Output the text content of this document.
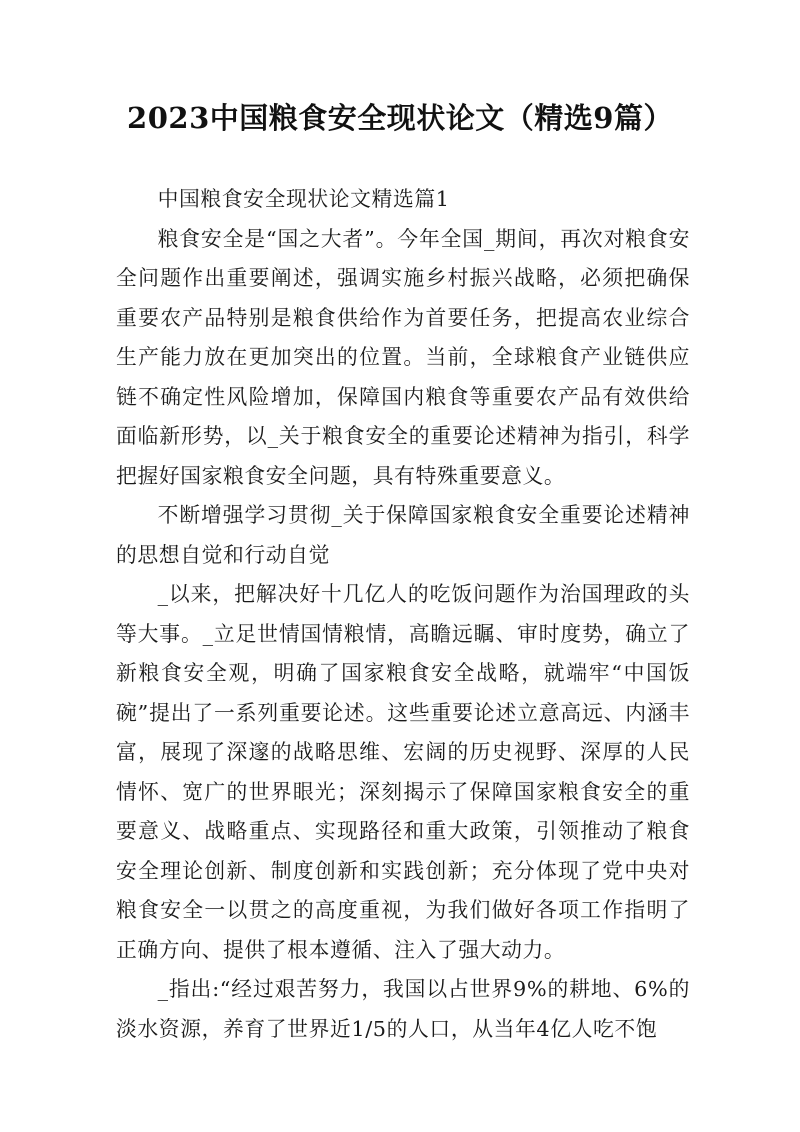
2023中国粮食安全现状论文（精选9篇）

中国粮食安全现状论文精选篇1

粮食安全是“国之大者”。今年全国_期间，再次对粮食安全问题作出重要阐述，强调实施乡村振兴战略，必须把确保重要农产品特别是粮食供给作为首要任务，把提高农业综合生产能力放在更加突出的位置。当前，全球粮食产业链供应链不确定性风险增加，保障国内粮食等重要农产品有效供给面临新形势，以_关于粮食安全的重要论述精神为指引，科学把握好国家粮食安全问题，具有特殊重要意义。

不断增强学习贯彻_关于保障国家粮食安全重要论述精神的思想自觉和行动自觉

_以来，把解决好十几亿人的吃饭问题作为治国理政的头等大事。_立足世情国情粮情，高瞻远瞩、审时度势，确立了新粮食安全观，明确了国家粮食安全战略，就端牢“中国饭碗”提出了一系列重要论述。这些重要论述立意高远、内涵丰富，展现了深邃的战略思维、宏阔的历史视野、深厚的人民情怀、宽广的世界眼光；深刻揭示了保障国家粮食安全的重要意义、战略重点、实现路径和重大政策，引领推动了粮食安全理论创新、制度创新和实践创新；充分体现了党中央对粮食安全一以贯之的高度重视，为我们做好各项工作指明了正确方向、提供了根本遵循、注入了强大动力。

_指出:“经过艰苦努力，我国以占世界9%的耕地、6%的淡水资源，养育了世界近1/5的人口，从当年4亿人吃不饱
